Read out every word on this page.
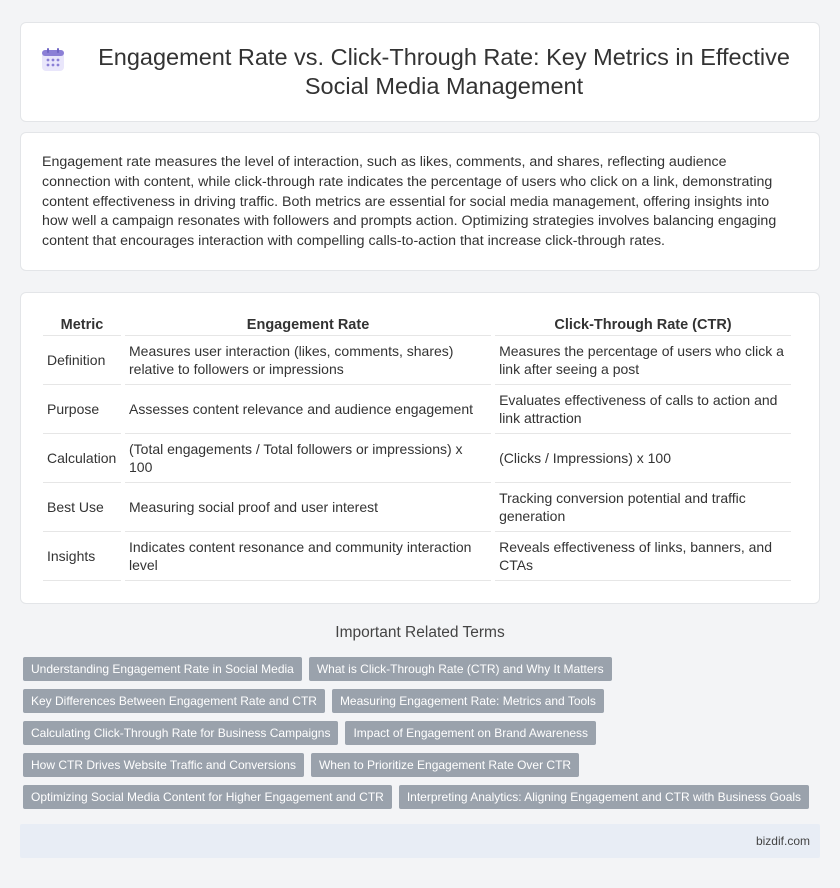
Engagement Rate vs. Click-Through Rate: Key Metrics in Effective Social Media Management

Engagement rate measures the level of interaction, such as likes, comments, and shares, reflecting audience connection with content, while click-through rate indicates the percentage of users who click on a link, demonstrating content effectiveness in driving traffic. Both metrics are essential for social media management, offering insights into how well a campaign resonates with followers and prompts action. Optimizing strategies involves balancing engaging content that encourages interaction with compelling calls-to-action that increase click-through rates.

Metric	Engagement Rate	Click-Through Rate (CTR)
Definition	Measures user interaction (likes, comments, shares) relative to followers or impressions	Measures the percentage of users who click a link after seeing a post
Purpose	Assesses content relevance and audience engagement	Evaluates effectiveness of calls to action and link attraction
Calculation	(Total engagements / Total followers or impressions) x 100	(Clicks / Impressions) x 100
Best Use	Measuring social proof and user interest	Tracking conversion potential and traffic generation
Insights	Indicates content resonance and community interaction level	Reveals effectiveness of links, banners, and CTAs
Important Related Terms
Understanding Engagement Rate in Social Media	What is Click-Through Rate (CTR) and Why It Matters
Key Differences Between Engagement Rate and CTR	Measuring Engagement Rate: Metrics and Tools
Calculating Click-Through Rate for Business Campaigns	Impact of Engagement on Brand Awareness
How CTR Drives Website Traffic and Conversions	When to Prioritize Engagement Rate Over CTR
Optimizing Social Media Content for Higher Engagement and CTR	Interpreting Analytics: Aligning Engagement and CTR with Business Goals
bizdif.com
